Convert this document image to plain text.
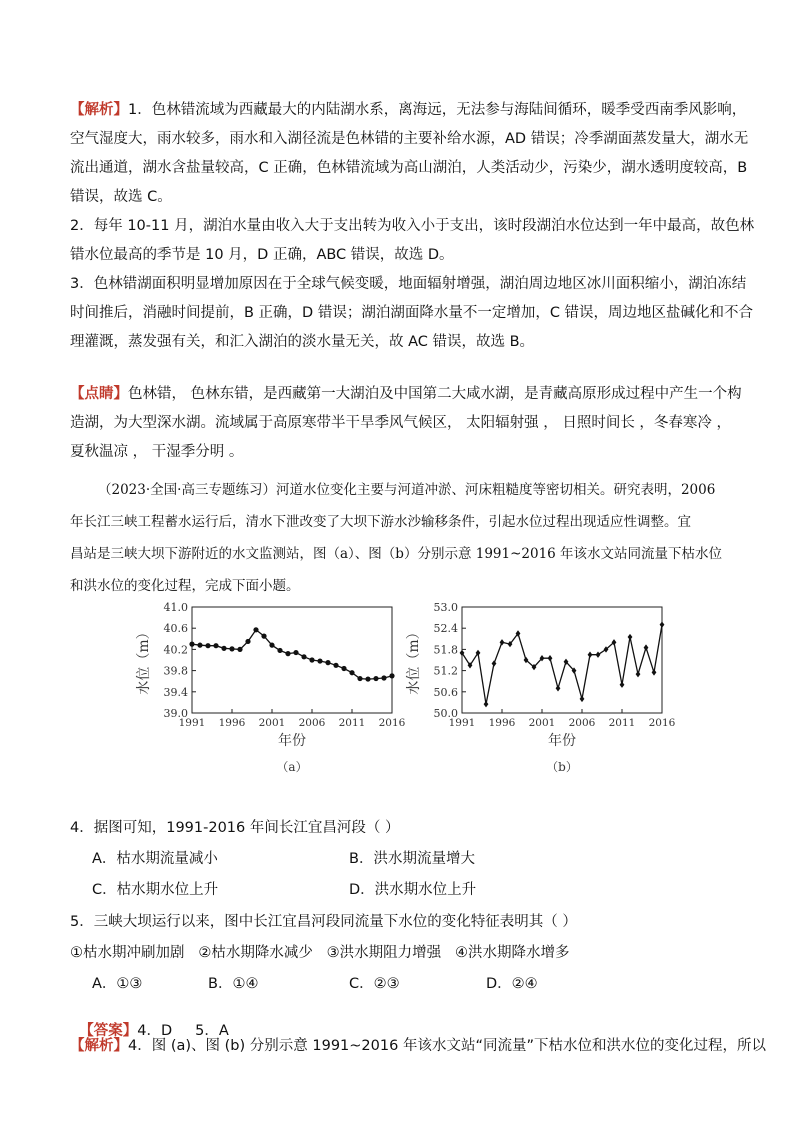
【解析】1．色林错流域为西藏最大的内陆湖水系，离海远，无法参与海陆间循环，暖季受西南季风影响，
空气湿度大，雨水较多，雨水和入湖径流是色林错的主要补给水源，AD 错误；冷季湖面蒸发量大，湖水无
流出通道，湖水含盐量较高，C 正确，色林错流域为高山湖泊，人类活动少，污染少，湖水透明度较高，B
错误，故选 C。
2．每年 10-11 月，湖泊水量由收入大于支出转为收入小于支出，该时段湖泊水位达到一年中最高，故色林
错水位最高的季节是 10 月，D 正确，ABC 错误，故选 D。
3．色林错湖面积明显增加原因在于全球气候变暖，地面辐射增强，湖泊周边地区冰川面积缩小，湖泊冻结
时间推后，消融时间提前，B 正确，D 错误；湖泊湖面降水量不一定增加，C 错误，周边地区盐碱化和不合
理灌溉，蒸发强有关，和汇入湖泊的淡水量无关，故 AC 错误，故选 B。
【点睛】色林错， 色林东错，是西藏第一大湖泊及中国第二大咸水湖，是青藏高原形成过程中产生一个构
造湖，为大型深水湖。流域属于高原寒带半干旱季风气候区， 太阳辐射强 ， 日照时间长 ，冬春寒冷 ，
夏秋温凉 ， 干湿季分明 。
（2023·全国·高三专题练习）河道水位变化主要与河道冲淤、河床粗糙度等密切相关。研究表明，2006
年长江三峡工程蓄水运行后，清水下泄改变了大坝下游水沙输移条件，引起水位过程出现适应性调整。宜
昌站是三峡大坝下游附近的水文监测站，图（a）、图（b）分别示意 1991~2016 年该水文站同流量下枯水位
和洪水位的变化过程，完成下面小题。
39.0
39.4
39.8
40.2
40.6
41.0
1991 1996 2001 2006 2011 2016
水位（m）
年份
（a）
50.0
50.6
51.2
51.8
52.4
53.0
1991 1996 2001 2006 2011 2016
水位（m）
年份
（b）
4．据图可知，1991-2016 年间长江宜昌河段（ ）
A．枯水期流量减小	B．洪水期流量增大
C．枯水期水位上升	D．洪水期水位上升
5．三峡大坝运行以来，图中长江宜昌河段同流量下水位的变化特征表明其（ ）
①枯水期冲刷加剧   ②枯水期降水减少   ③洪水期阻力增强   ④洪水期降水增多
A．①③	B．①④	C．②③	D．②④

【答案】4．D     5．A

【解析】4．图 (a)、图 (b) 分别示意 1991~2016 年该水文站“同流量”下枯水位和洪水位的变化过程，所以
